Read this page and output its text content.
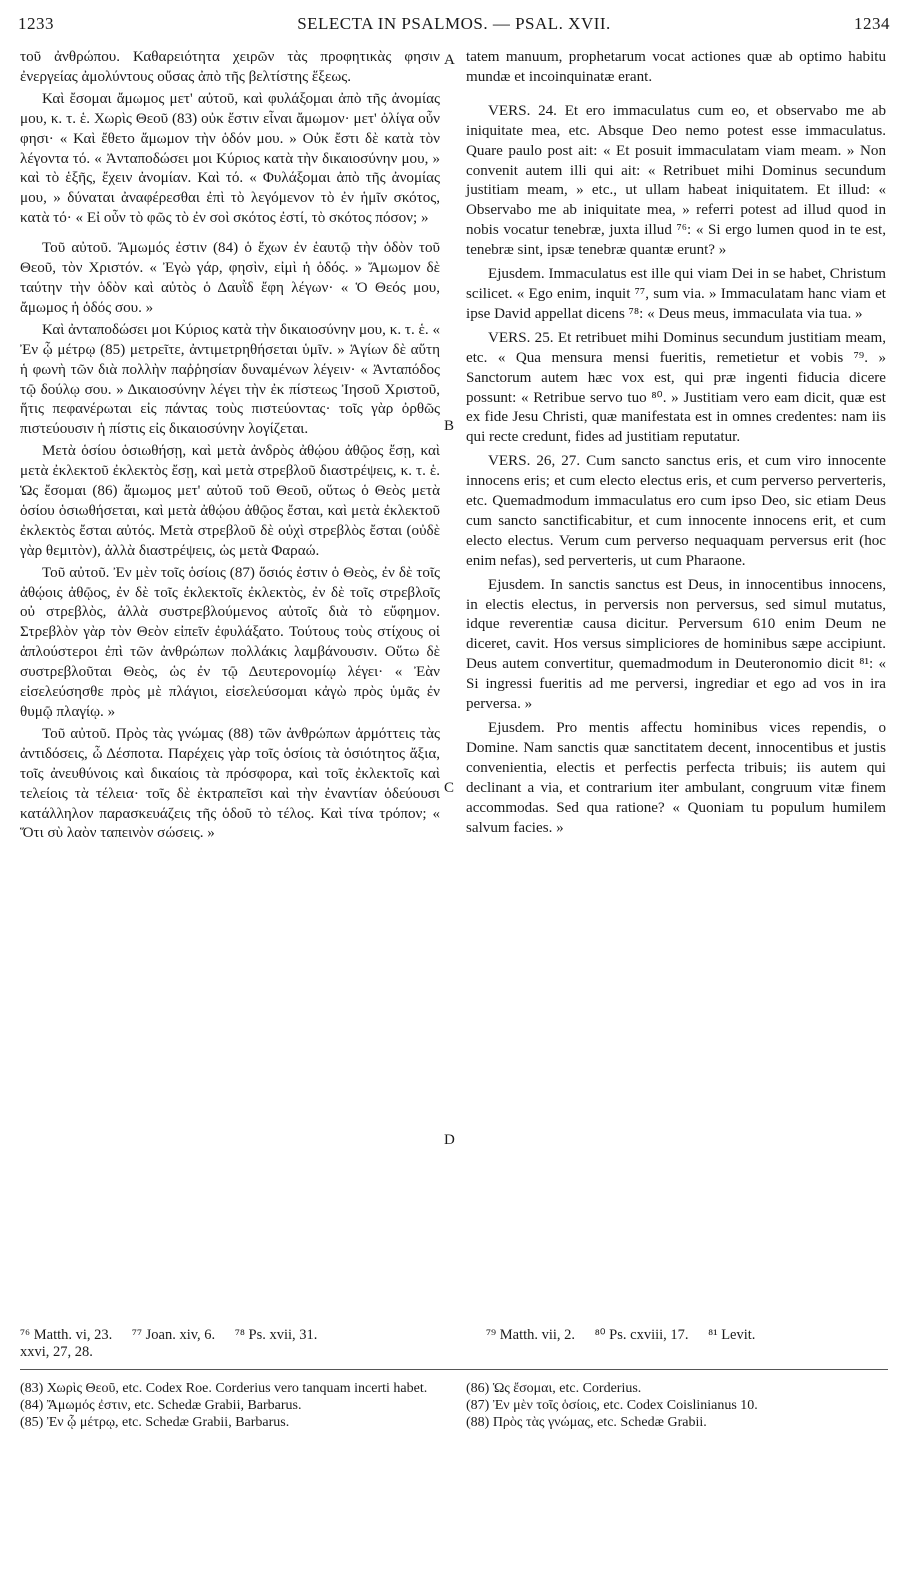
1233	SELECTA IN PSALMOS. — PSAL. XVII.	1234

τοῦ ἀνθρώπου. Καθαρειότητα χειρῶν τὰς προφητικὰς φησιν ἐνεργείας ἀμολύντους οὔσας ἀπὸ τῆς βελτίστης ἕξεως.

Καὶ ἔσομαι ἄμωμος μετ' αὐτοῦ, καὶ φυλάξομαι ἀπὸ τῆς ἀνομίας μου, κ. τ. ἑ. Χωρὶς Θεοῦ (83) οὐκ ἔστιν εἶναι ἄμωμον· μετ' ὀλίγα οὖν φησι· « Καὶ ἔθετο ἄμωμον τὴν ὁδόν μου. » Οὐκ ἔστι δὲ κατὰ τὸν λέγοντα τό. « Ἀνταποδώσει μοι Κύριος κατὰ τὴν δικαιοσύνην μου, » καὶ τὸ ἑξῆς, ἔχειν ἀνομίαν. Καὶ τό. « Φυλάξομαι ἀπὸ τῆς ἀνομίας μου, » δύναται ἀναφέρεσθαι ἐπὶ τὸ λεγόμενον τὸ ἐν ἡμῖν σκότος, κατὰ τό· « Εἰ οὖν τὸ φῶς τὸ ἐν σοὶ σκότος ἐστί, τὸ σκότος πόσον; »

Τοῦ αὐτοῦ. Ἄμωμός ἐστιν (84) ὁ ἔχων ἐν ἑαυτῷ τὴν ὁδὸν τοῦ Θεοῦ, τὸν Χριστόν. « Ἐγὼ γάρ, φησὶν, εἰμὶ ἡ ὁδός. » Ἄμωμον δὲ ταύτην τὴν ὁδὸν καὶ αὐτὸς ὁ Δαυῒδ ἔφη λέγων· « Ὁ Θεός μου, ἄμωμος ἡ ὁδός σου. »

Καὶ ἀνταποδώσει μοι Κύριος κατὰ τὴν δικαιοσύνην μου, κ. τ. ἑ. « Ἐν ᾧ μέτρῳ (85) μετρεῖτε, ἀντιμετρηθήσεται ὑμῖν. » Ἁγίων δὲ αὕτη ἡ φωνὴ τῶν διὰ πολλὴν παῤῥησίαν δυναμένων λέγειν· « Ἀνταπόδος τῷ δούλῳ σου. » Δικαιοσύνην λέγει τὴν ἐκ πίστεως Ἰησοῦ Χριστοῦ, ἥτις πεφανέρωται εἰς πάντας τοὺς πιστεύοντας· τοῖς γὰρ ὀρθῶς πιστεύουσιν ἡ πίστις εἰς δικαιοσύνην λογίζεται.

Μετὰ ὁσίου ὁσιωθήσῃ, καὶ μετὰ ἀνδρὸς ἀθῴου ἀθῷος ἔσῃ, καὶ μετὰ ἐκλεκτοῦ ἐκλεκτὸς ἔσῃ, καὶ μετὰ στρεβλοῦ διαστρέψεις, κ. τ. ἑ. Ὡς ἔσομαι (86) ἄμωμος μετ' αὐτοῦ τοῦ Θεοῦ, οὕτως ὁ Θεὸς μετὰ ὁσίου ὁσιωθήσεται, καὶ μετὰ ἀθῴου ἀθῷος ἔσται, καὶ μετὰ ἐκλεκτοῦ ἐκλεκτὸς ἔσται αὐτός. Μετὰ στρεβλοῦ δὲ οὐχὶ στρεβλὸς ἔσται (οὐδὲ γὰρ θεμιτὸν), ἀλλὰ διαστρέψεις, ὡς μετὰ Φαραώ.

Τοῦ αὐτοῦ. Ἐν μὲν τοῖς ὁσίοις (87) ὅσιός ἐστιν ὁ Θεὸς, ἐν δὲ τοῖς ἀθῴοις ἀθῷος, ἐν δὲ τοῖς ἐκλεκτοῖς ἐκλεκτὸς, ἐν δὲ τοῖς στρεβλοῖς οὐ στρεβλὸς, ἀλλὰ συστρεβλούμενος αὐτοῖς διὰ τὸ εὔφημον. Στρεβλὸν γὰρ τὸν Θεὸν εἰπεῖν ἐφυλάξατο. Τούτους τοὺς στίχους οἱ ἁπλούστεροι ἐπὶ τῶν ἀνθρώπων πολλάκις λαμβάνουσιν. Οὕτω δὲ συστρεβλοῦται Θεὸς, ὡς ἐν τῷ Δευτερονομίῳ λέγει· « Ἐὰν εἰσελεύσησθε πρὸς μὲ πλάγιοι, εἰσελεύσομαι κἀγὼ πρὸς ὑμᾶς ἐν θυμῷ πλαγίῳ. »

Τοῦ αὐτοῦ. Πρὸς τὰς γνώμας (88) τῶν ἀνθρώπων ἁρμόττεις τὰς ἀντιδόσεις, ὦ Δέσποτα. Παρέχεις γὰρ τοῖς ὁσίοις τὰ ὁσιότητος ἄξια, τοῖς ἀνευθύνοις καὶ δικαίοις τὰ πρόσφορα, καὶ τοῖς ἐκλεκτοῖς καὶ τελείοις τὰ τέλεια· τοῖς δὲ ἐκτραπεῖσι καὶ τὴν ἐναντίαν ὁδεύουσι κατάλληλον παρασκευάζεις τῆς ὁδοῦ τὸ τέλος. Καὶ τίνα τρόπον; « Ὅτι σὺ λαὸν ταπεινὸν σώσεις. »

A
B
C
D

tatem manuum, prophetarum vocat actiones quæ ab optimo habitu mundæ et incoinquinatæ erant.

VERS. 24. Et ero immaculatus cum eo, et observabo me ab iniquitate mea, etc. Absque Deo nemo potest esse immaculatus. Quare paulo post ait: « Et posuit immaculatam viam meam. » Non convenit autem illi qui ait: « Retribuet mihi Dominus secundum justitiam meam, » etc., ut ullam habeat iniquitatem. Et illud: « Observabo me ab iniquitate mea, » referri potest ad illud quod in nobis vocatur tenebræ, juxta illud ⁷⁶: « Si ergo lumen quod in te est, tenebræ sint, ipsæ tenebræ quantæ erunt? »

Ejusdem. Immaculatus est ille qui viam Dei in se habet, Christum scilicet. « Ego enim, inquit ⁷⁷, sum via. » Immaculatam hanc viam et ipse David appellat dicens ⁷⁸: « Deus meus, immaculata via tua. »

VERS. 25. Et retribuet mihi Dominus secundum justitiam meam, etc. « Qua mensura mensi fueritis, remetietur et vobis ⁷⁹. » Sanctorum autem hæc vox est, qui præ ingenti fiducia dicere possunt: « Retribue servo tuo ⁸⁰. » Justitiam vero eam dicit, quæ est ex fide Jesu Christi, quæ manifestata est in omnes credentes: nam iis qui recte credunt, fides ad justitiam reputatur.

VERS. 26, 27. Cum sancto sanctus eris, et cum viro innocente innocens eris; et cum electo electus eris, et cum perverso perverteris, etc. Quemadmodum immaculatus ero cum ipso Deo, sic etiam Deus cum sancto sanctificabitur, et cum innocente innocens erit, et cum electo electus. Verum cum perverso nequaquam perversus erit (hoc enim nefas), sed perverteris, ut cum Pharaone.

Ejusdem. In sanctis sanctus est Deus, in innocentibus innocens, in electis electus, in perversis non perversus, sed simul mutatus, idque reverentiæ causa dicitur. Perversum 610 enim Deum ne diceret, cavit. Hos versus simpliciores de hominibus sæpe accipiunt. Deus autem convertitur, quemadmodum in Deuteronomio dicit ⁸¹: « Si ingressi fueritis ad me perversi, ingrediar et ego ad vos in ira perversa. »

Ejusdem. Pro mentis affectu hominibus vices rependis, o Domine. Nam sanctis quæ sanctitatem decent, innocentibus et justis convenientia, electis et perfectis perfecta tribuis; iis autem qui declinant a via, et contrarium iter ambulant, congruum vitæ finem accommodas. Sed qua ratione? « Quoniam tu populum humilem salvum facies. »

⁷⁶ Matth. vi, 23. ⁷⁷ Joan. xiv, 6. ⁷⁸ Ps. xvii, 31.
xxvi, 27, 28.
⁷⁹ Matth. vii, 2. ⁸⁰ Ps. cxviii, 17. ⁸¹ Levit.

(83) Χωρὶς Θεοῦ, etc. Codex Roe. Corderius vero tanquam incerti habet.

(84) Ἄμωμός ἐστιν, etc. Schedæ Grabii, Barbarus.

(85) Ἐν ᾧ μέτρῳ, etc. Schedæ Grabii, Barbarus.

(86) Ὡς ἔσομαι, etc. Corderius.

(87) Ἐν μὲν τοῖς ὁσίοις, etc. Codex Coislinianus 10.

(88) Πρὸς τὰς γνώμας, etc. Schedæ Grabii.
